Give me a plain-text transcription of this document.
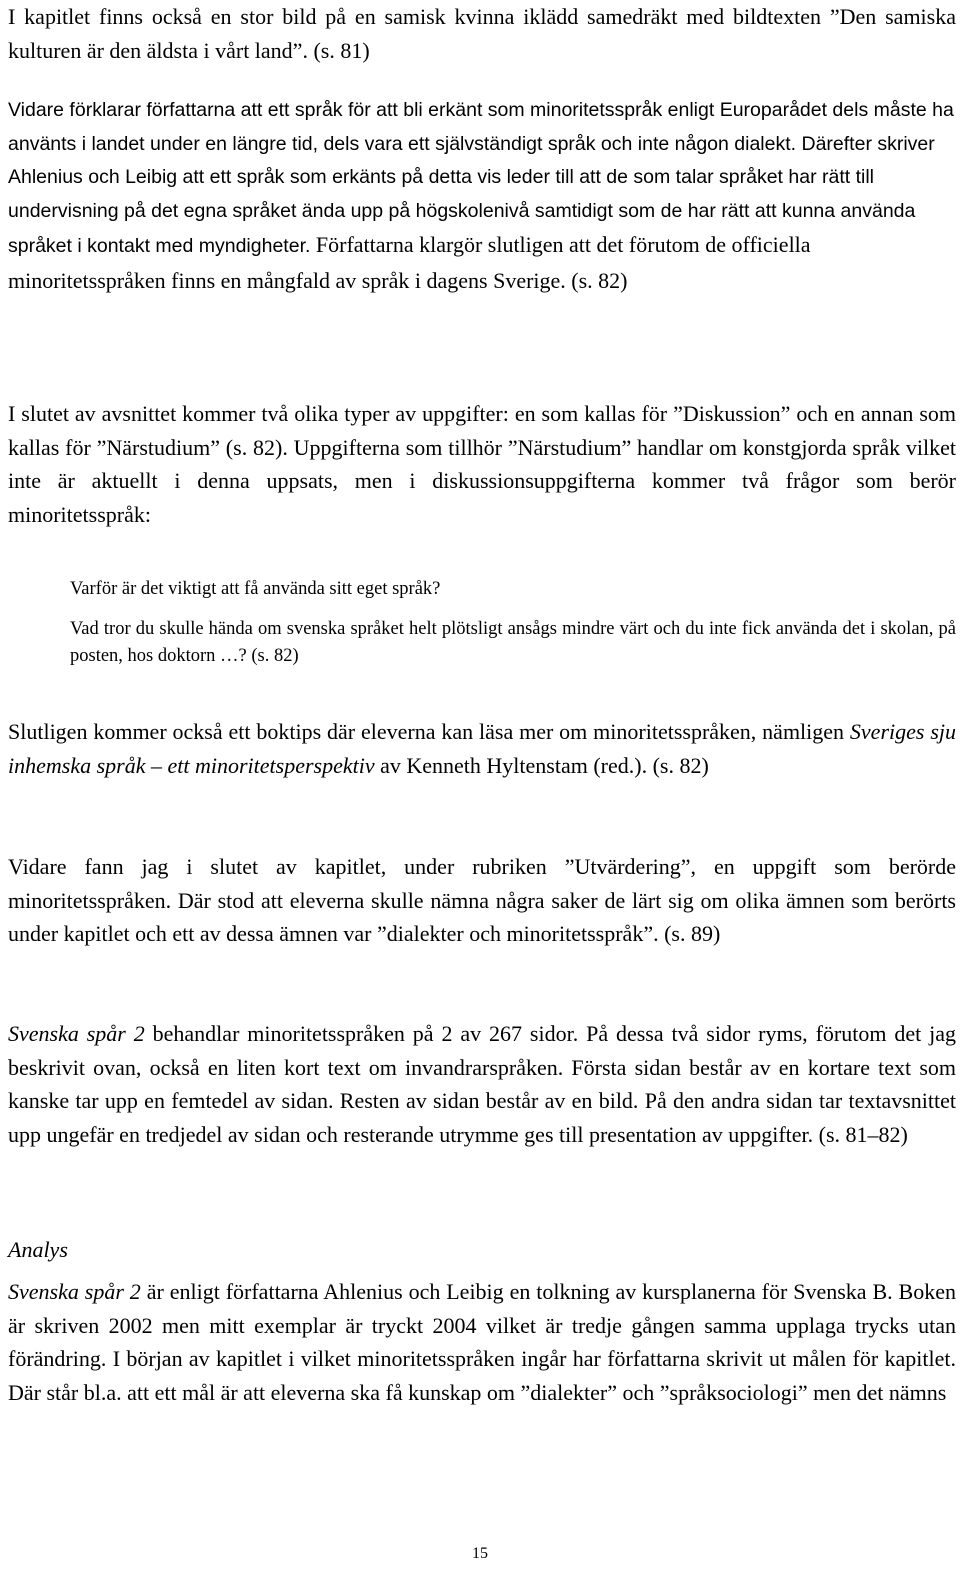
I kapitlet finns också en stor bild på en samisk kvinna iklädd samedräkt med bildtexten ”Den samiska kulturen är den äldsta i vårt land”. (s. 81)

Vidare förklarar författarna att ett språk för att bli erkänt som minoritetsspråk enligt Europarådet dels måste ha använts i landet under en längre tid, dels vara ett självständigt språk och inte någon dialekt. Därefter skriver Ahlenius och Leibig att ett språk som erkänts på detta vis leder till att de som talar språket har rätt till undervisning på det egna språket ända upp på högskolenivå samtidigt som de har rätt att kunna använda språket i kontakt med myndigheter. Författarna klargör slutligen att det förutom de officiella minoritetsspråken finns en mångfald av språk i dagens Sverige. (s. 82)

I slutet av avsnittet kommer två olika typer av uppgifter: en som kallas för ”Diskussion” och en annan som kallas för ”Närstudium” (s. 82). Uppgifterna som tillhör ”Närstudium” handlar om konstgjorda språk vilket inte är aktuellt i denna uppsats, men i diskussionsuppgifterna kommer två frågor som berör minoritetsspråk:

Varför är det viktigt att få använda sitt eget språk?

Vad tror du skulle hända om svenska språket helt plötsligt ansågs mindre värt och du inte fick använda det i skolan, på posten, hos doktorn …? (s. 82)

Slutligen kommer också ett boktips där eleverna kan läsa mer om minoritetsspråken, nämligen Sveriges sju inhemska språk – ett minoritetsperspektiv av Kenneth Hyltenstam (red.). (s. 82)

Vidare fann jag i slutet av kapitlet, under rubriken ”Utvärdering”, en uppgift som berörde minoritetsspråken. Där stod att eleverna skulle nämna några saker de lärt sig om olika ämnen som berörts under kapitlet och ett av dessa ämnen var ”dialekter och minoritetsspråk”. (s. 89)

Svenska spår 2 behandlar minoritetsspråken på 2 av 267 sidor. På dessa två sidor ryms, förutom det jag beskrivit ovan, också en liten kort text om invandrarspråken. Första sidan består av en kortare text som kanske tar upp en femtedel av sidan. Resten av sidan består av en bild. På den andra sidan tar textavsnittet upp ungefär en tredjedel av sidan och resterande utrymme ges till presentation av uppgifter. (s. 81–82)

Analys

Svenska spår 2 är enligt författarna Ahlenius och Leibig en tolkning av kursplanerna för Svenska B. Boken är skriven 2002 men mitt exemplar är tryckt 2004 vilket är tredje gången samma upplaga trycks utan förändring. I början av kapitlet i vilket minoritetsspråken ingår har författarna skrivit ut målen för kapitlet. Där står bl.a. att ett mål är att eleverna ska få kunskap om ”dialekter” och ”språksociologi” men det nämns

15
